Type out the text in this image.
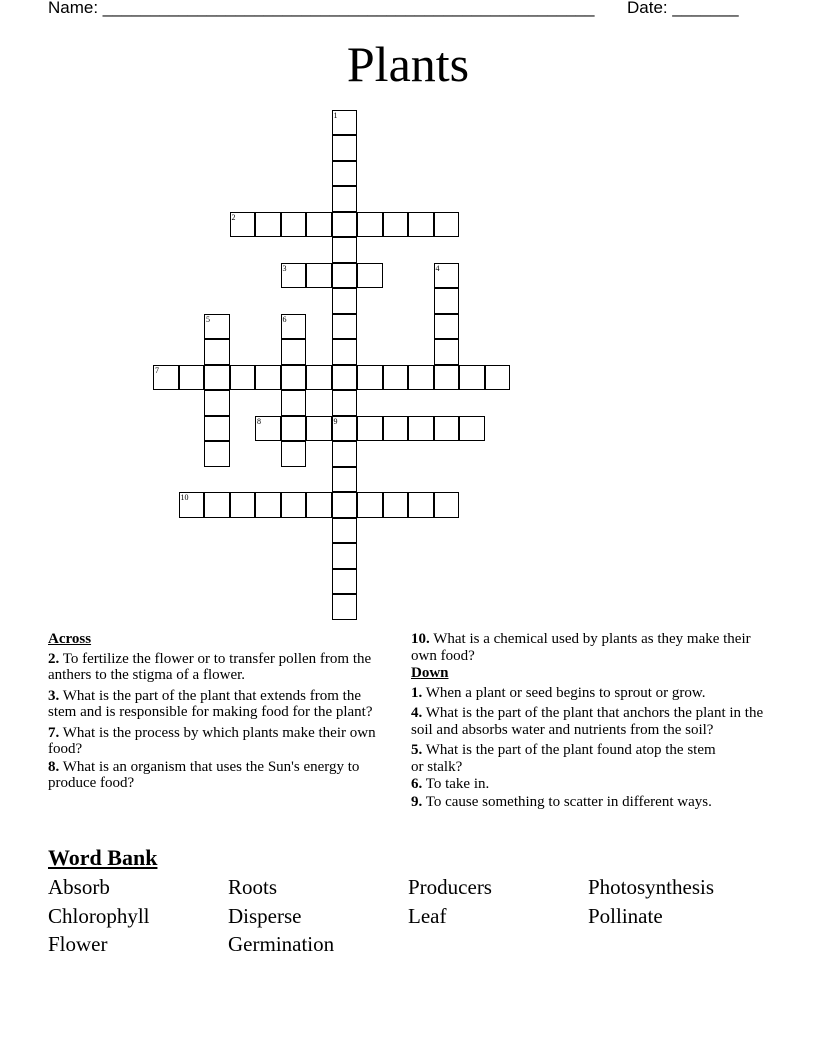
Name: ____________________________________________________ Date: _______
Plants
1
2
3	4
5	6
7
8	9
10
Across
2. To fertilize the flower or to transfer pollen from the anthers to the stigma of a flower.
3. What is the part of the plant that extends from the stem and is responsible for making food for the plant?
7. What is the process by which plants make their own food?
8. What is an organism that uses the Sun's energy to produce food?
10. What is a chemical used by plants as they make their own food?
Down
1. When a plant or seed begins to sprout or grow.
4. What is the part of the plant that anchors the plant in the soil and absorbs water and nutrients from the soil?
5. What is the part of the plant found atop the stem or stalk?
6. To take in.
9. To cause something to scatter in different ways.
Word Bank
Absorb	Roots	Producers	Photosynthesis
Chlorophyll	Disperse	Leaf	Pollinate
Flower	Germination
